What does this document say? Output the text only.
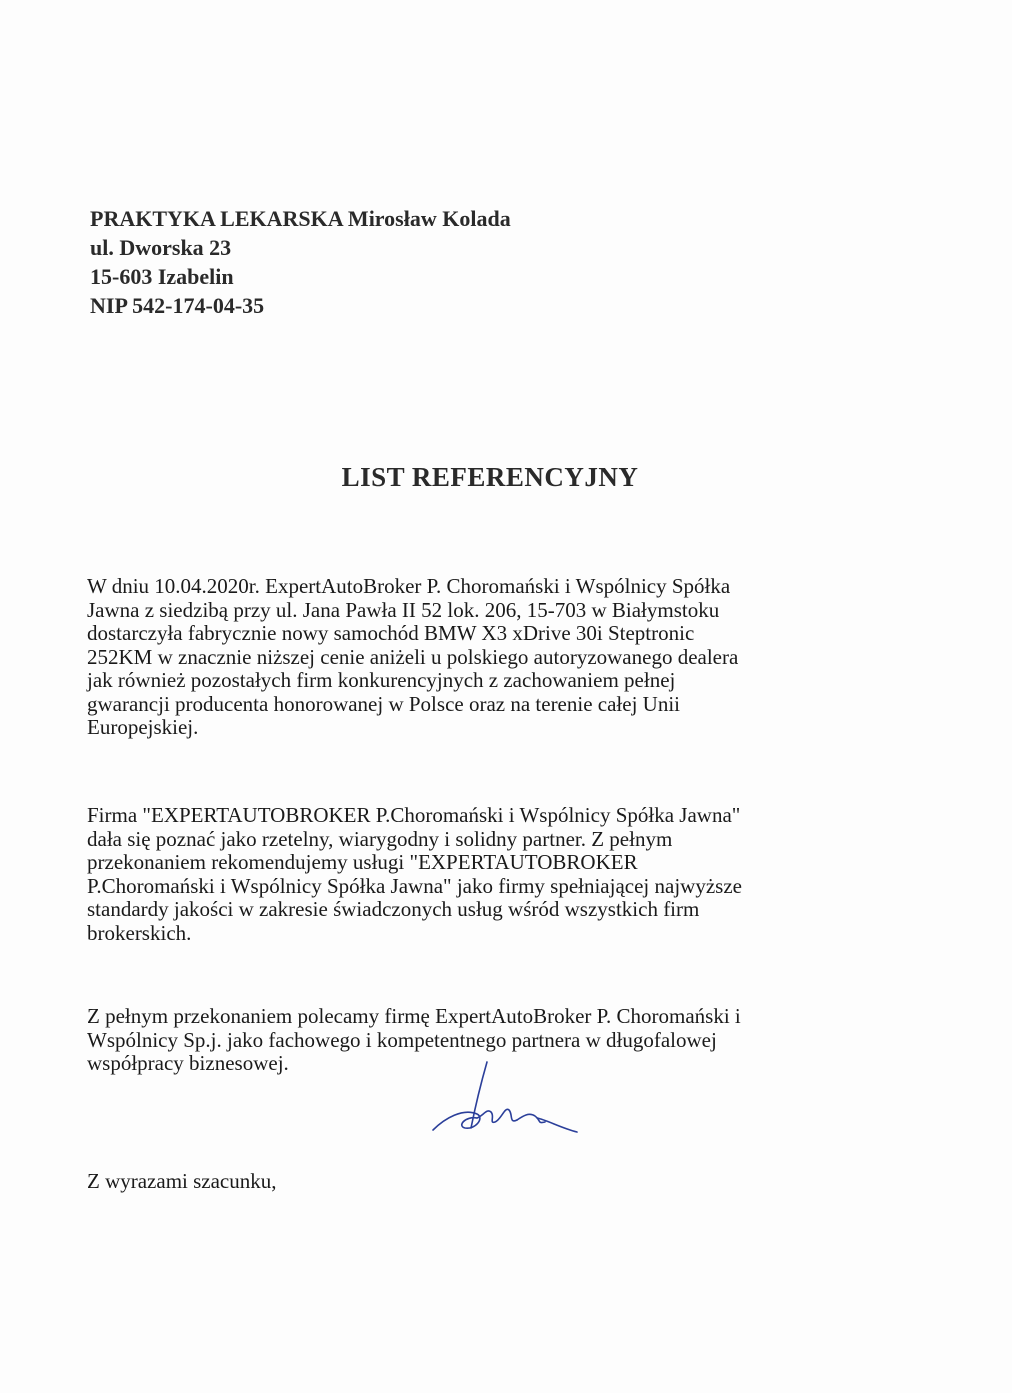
PRAKTYKA LEKARSKA Mirosław Kolada
ul. Dworska 23
15-603 Izabelin
NIP 542-174-04-35
LIST REFERENCYJNY
W dniu 10.04.2020r. ExpertAutoBroker P. Choromański i Wspólnicy Spółka
Jawna z siedzibą przy ul. Jana Pawła II 52 lok. 206, 15-703 w Białymstoku
dostarczyła fabrycznie nowy samochód BMW X3 xDrive 30i Steptronic
252KM w znacznie niższej cenie aniżeli u polskiego autoryzowanego dealera
jak również pozostałych firm konkurencyjnych z zachowaniem pełnej
gwarancji producenta honorowanej w Polsce oraz na terenie całej Unii
Europejskiej.
Firma "EXPERTAUTOBROKER P.Choromański i Wspólnicy Spółka Jawna"
dała się poznać jako rzetelny, wiarygodny i solidny partner. Z pełnym
przekonaniem rekomendujemy usługi "EXPERTAUTOBROKER
P.Choromański i Wspólnicy Spółka Jawna" jako firmy spełniającej najwyższe
standardy jakości w zakresie świadczonych usług wśród wszystkich firm
brokerskich.
Z pełnym przekonaniem polecamy firmę ExpertAutoBroker P. Choromański i
Wspólnicy Sp.j. jako fachowego i kompetentnego partnera w długofalowej
współpracy biznesowej.
Z wyrazami szacunku,
